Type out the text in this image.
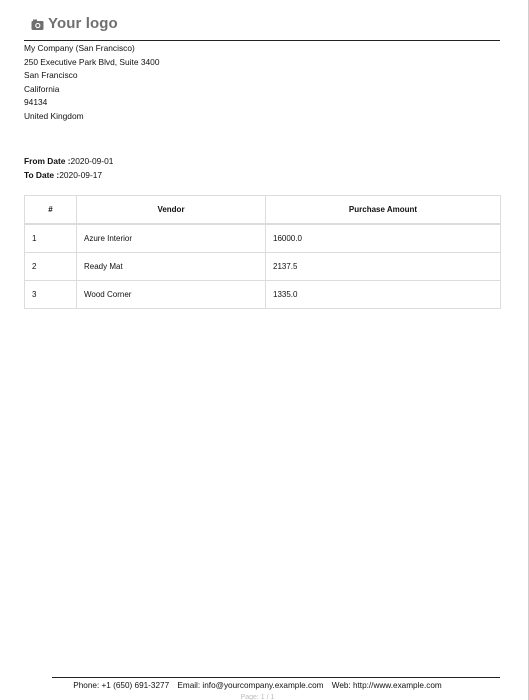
Your logo
My Company (San Francisco)
250 Executive Park Blvd, Suite 3400
San Francisco
California
94134
United Kingdom
From Date :2020-09-01
To Date :2020-09-17
#	Vendor	Purchase Amount
1	Azure Interior	16000.0
2	Ready Mat	2137.5
3	Wood Corner	1335.0
Phone: +1 (650) 691-3277 Email: info@yourcompany.example.com Web: http://www.example.com
Page: 1 / 1
